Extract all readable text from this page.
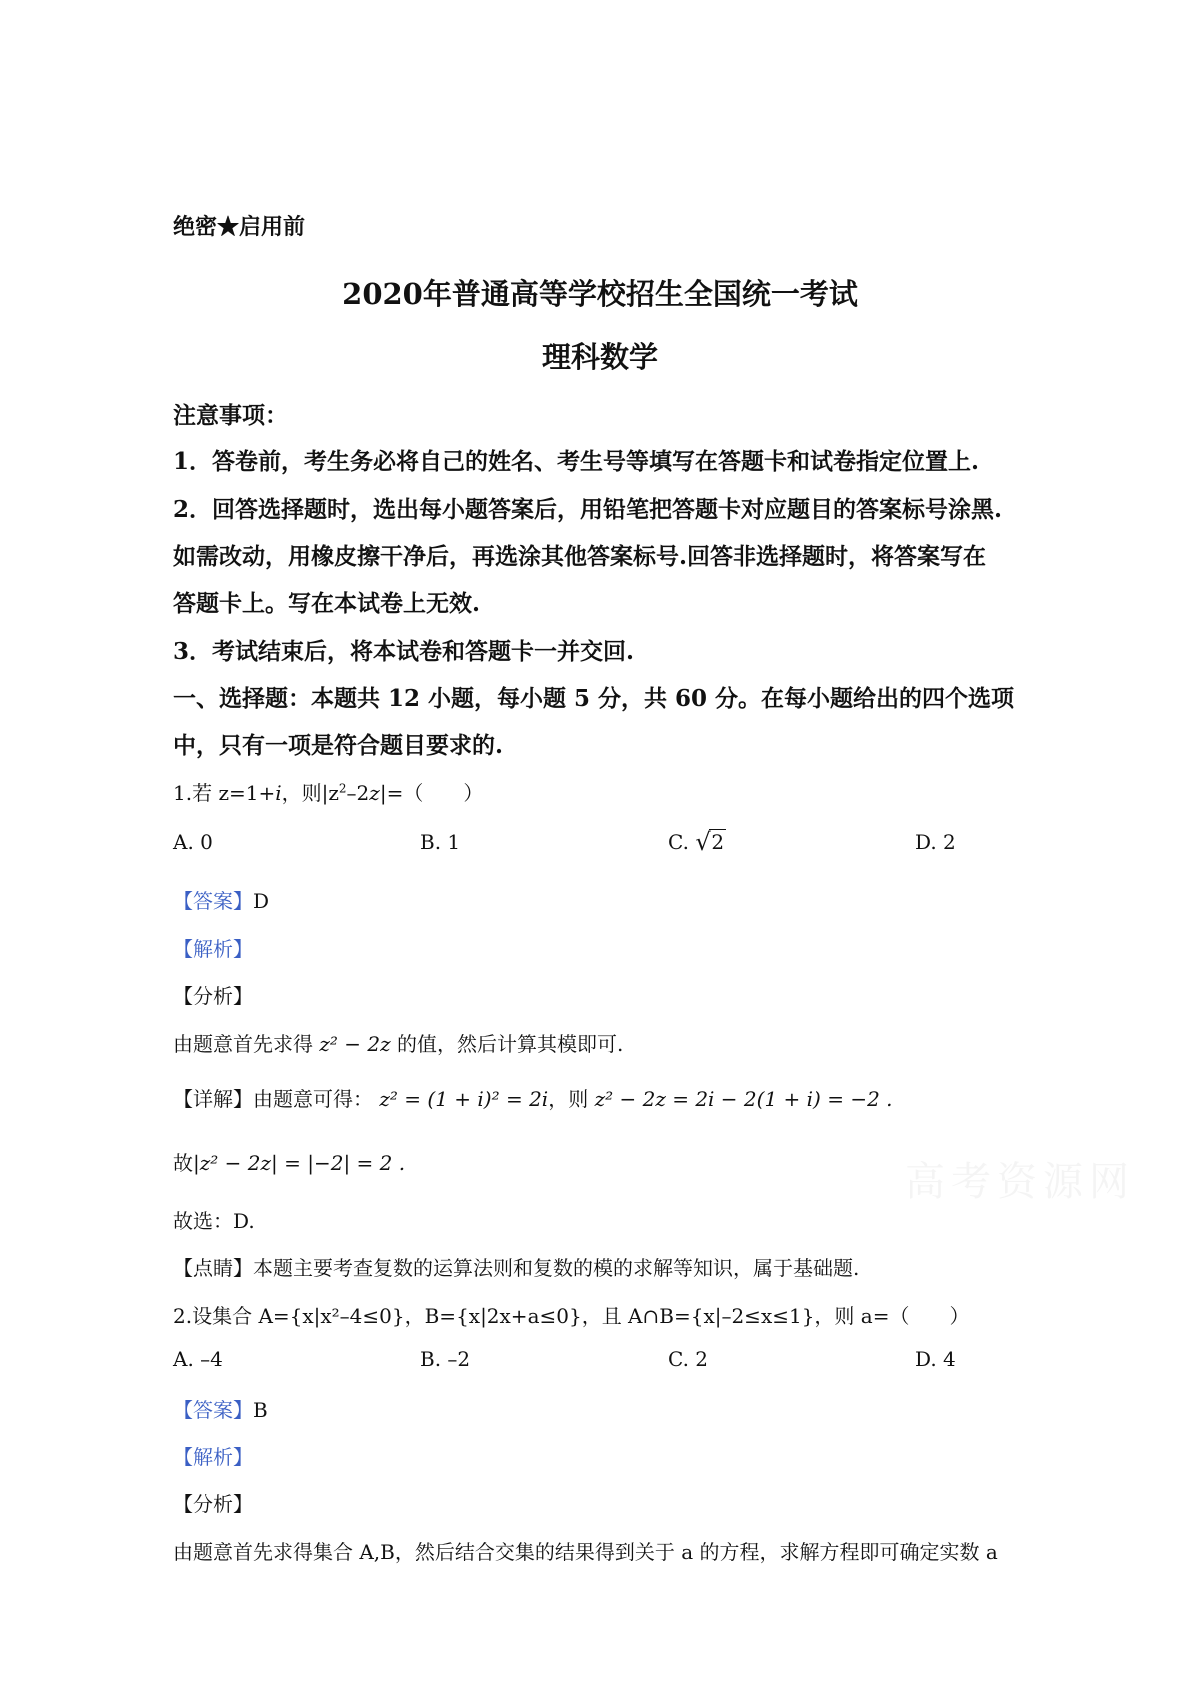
绝密★启用前
2020年普通高等学校招生全国统一考试
理科数学
注意事项：
1．答卷前，考生务必将自己的姓名、考生号等填写在答题卡和试卷指定位置上.
2．回答选择题时，选出每小题答案后，用铅笔把答题卡对应题目的答案标号涂黑.
如需改动，用橡皮擦干净后，再选涂其他答案标号.回答非选择题时，将答案写在
答题卡上。写在本试卷上无效.
3．考试结束后，将本试卷和答题卡一并交回.
一、选择题：本题共 12 小题，每小题 5 分，共 60 分。在每小题给出的四个选项
中，只有一项是符合题目要求的.
1.若 z=1+i，则$|z^2-2z|=$（　　）
A. 0	B. 1	C. √ 2	D. 2
【答案】D
【解析】
【分析】
由题意首先求得 z² − 2z 的值，然后计算其模即可.
【详解】由题意可得： z² = (1 + i)² = 2i，则 z² − 2z = 2i − 2(1 + i) = −2 .
故|z² − 2z| = |−2| = 2 .
故选：D.
【点睛】本题主要考查复数的运算法则和复数的模的求解等知识，属于基础题.
2.设集合 A={x|x²–4≤0}，B={x|2x+a≤0}，且 A∩B={x|–2≤x≤1}，则 a=（　　）
A. –4	B. –2	C. 2	D. 4
【答案】B
【解析】
【分析】
由题意首先求得集合 A,B，然后结合交集的结果得到关于 a 的方程，求解方程即可确定实数 a
高考资源网
